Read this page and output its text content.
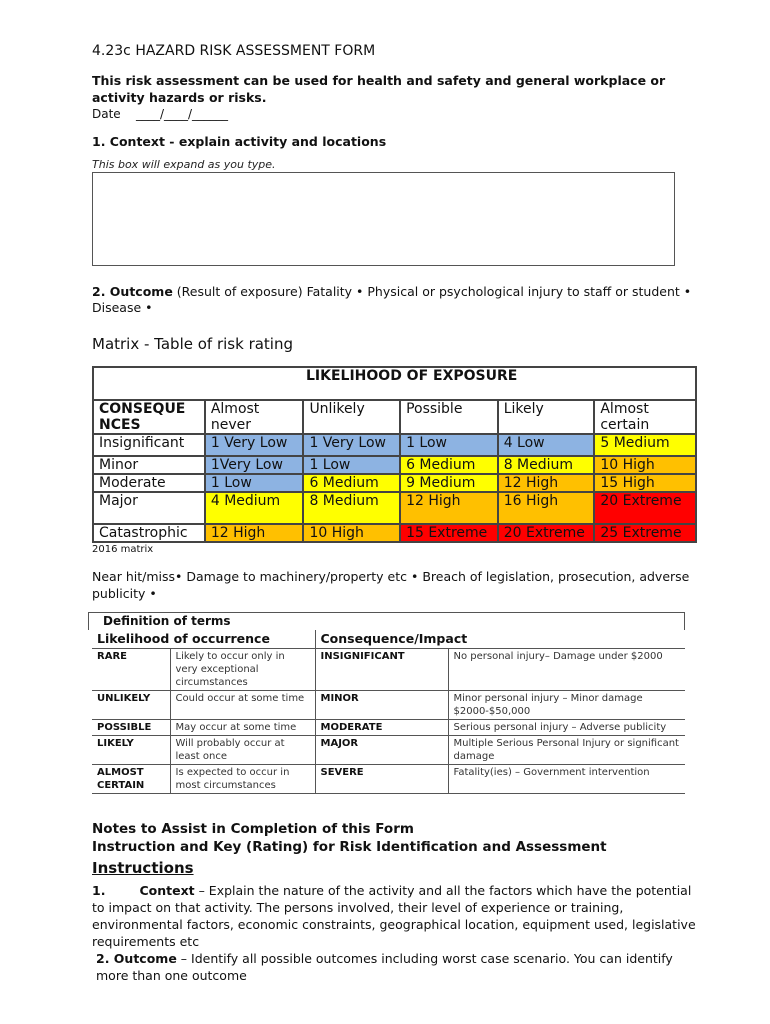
4.23c HAZARD RISK ASSESSMENT FORM
This risk assessment can be used for health and safety and general workplace or activity hazards or risks.
Date ____/____/______
1. Context - explain activity and locations
This box will expand as you type.
2. Outcome (Result of exposure) Fatality • Physical or psychological injury to staff or student • Disease •
Matrix - Table of risk rating
LIKELIHOOD OF EXPOSURE					
CONSEQUE NCES	Almost never	Unlikely	Possible	Likely	Almost certain
Insignificant	1 Very Low	1 Very Low	1 Low	4 Low	5 Medium
Minor	1Very Low	1 Low	6 Medium	8 Medium	10 High
Moderate	1 Low	6 Medium	9 Medium	12 High	15 High
Major	4 Medium	8 Medium	12 High	16 High	20 Extreme
Catastrophic	12 High	10 High	15 Extreme	20 Extreme	25 Extreme
2016 matrix
Near hit/miss• Damage to machinery/property etc • Breach of legislation, prosecution, adverse publicity •
Definition of terms
Likelihood of occurrence		Consequence/Impact	
RARE	Likely to occur only in very exceptional circumstances	INSIGNIFICANT	No personal injury– Damage under $2000
UNLIKELY	Could occur at some time	MINOR	Minor personal injury – Minor damage $2000-$50,000
POSSIBLE	May occur at some time	MODERATE	Serious personal injury – Adverse publicity
LIKELY	Will probably occur at least once	MAJOR	Multiple Serious Personal Injury or significant damage
ALMOST CERTAIN	Is expected to occur in most circumstances	SEVERE	Fatality(ies) – Government intervention
Notes to Assist in Completion of this Form
Instruction and Key (Rating) for Risk Identification and Assessment
Instructions
1.	Context – Explain the nature of the activity and all the factors which have the potential to impact on that activity. The persons involved, their level of experience or training, environmental factors, economic constraints, geographical location, equipment used, legislative requirements etc
2. Outcome – Identify all possible outcomes including worst case scenario. You can identify more than one outcome
